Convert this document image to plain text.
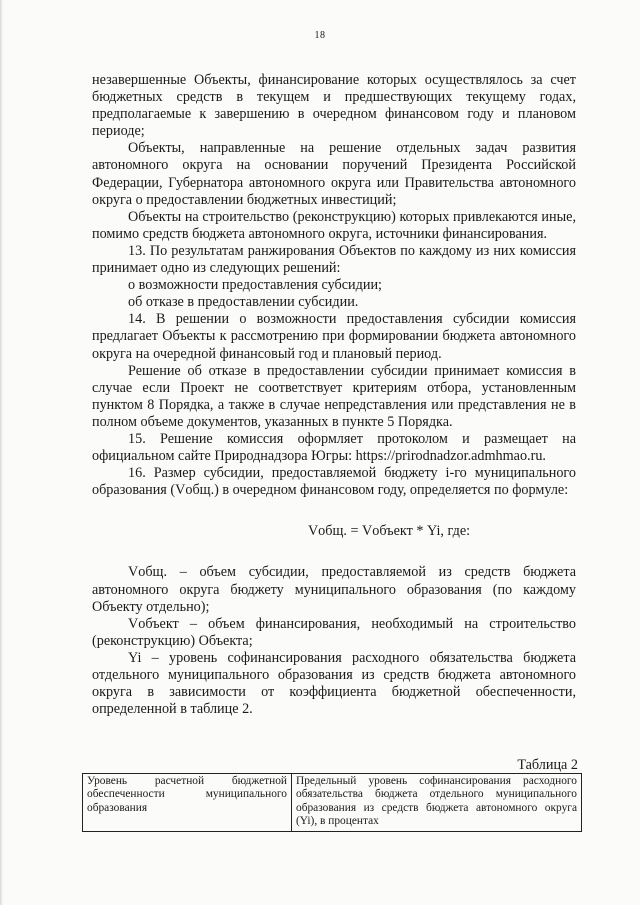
18

незавершенные Объекты, финансирование которых осуществлялось за счет бюджетных средств в текущем и предшествующих текущему годах, предполагаемые к завершению в очередном финансовом году и плановом периоде;

Объекты, направленные на решение отдельных задач развития автономного округа на основании поручений Президента Российской Федерации, Губернатора автономного округа или Правительства автономного округа о предоставлении бюджетных инвестиций;

Объекты на строительство (реконструкцию) которых привлекаются иные, помимо средств бюджета автономного округа, источники финансирования.

13. По результатам ранжирования Объектов по каждому из них комиссия принимает одно из следующих решений:

о возможности предоставления субсидии;

об отказе в предоставлении субсидии.

14. В решении о возможности предоставления субсидии комиссия предлагает Объекты к рассмотрению при формировании бюджета автономного округа на очередной финансовый год и плановый период.

Решение об отказе в предоставлении субсидии принимает комиссия в случае если Проект не соответствует критериям отбора, установленным пунктом 8 Порядка, а также в случае непредставления или представления не в полном объеме документов, указанных в пункте 5 Порядка.

15. Решение комиссия оформляет протоколом и размещает на официальном сайте Природнадзора Югры: https://prirodnadzor.admhmao.ru.

16. Размер субсидии, предоставляемой бюджету i-го муниципального образования (Vобщ.) в очередном финансовом году, определяется по формуле:

Vобщ. = Vобъект * Yi, где:

Vобщ. – объем субсидии, предоставляемой из средств бюджета автономного округа бюджету муниципального образования (по каждому Объекту отдельно);

Vобъект – объем финансирования, необходимый на строительство (реконструкцию) Объекта;

Yi – уровень софинансирования расходного обязательства бюджета отдельного муниципального образования из средств бюджета автономного округа в зависимости от коэффициента бюджетной обеспеченности, определенной в таблице 2.

Таблица 2
Уровень расчетной бюджетной обеспеченности муниципального образования	Предельный уровень софинансирования расходного обязательства бюджета отдельного муниципального образования из средств бюджета автономного округа (Yi), в процентах
